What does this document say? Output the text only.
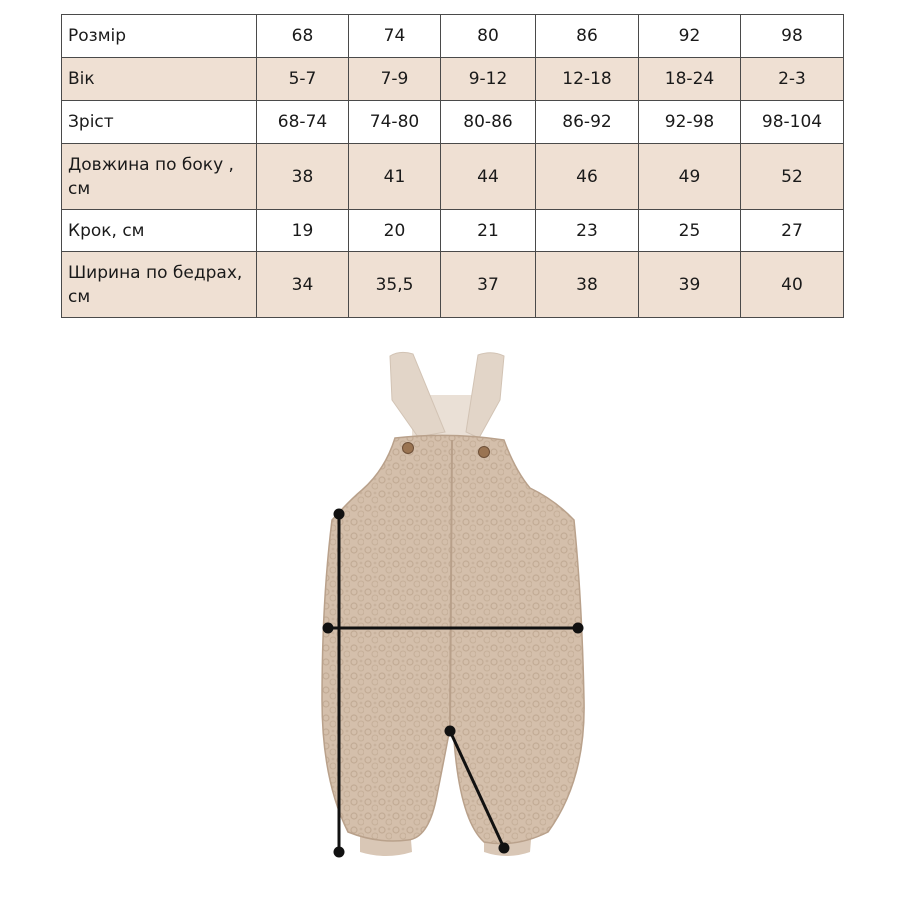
Розмір	68	74	80	86	92	98
Вік	5-7	7-9	9-12	12-18	18-24	2-3
Зріст	68-74	74-80	80-86	86-92	92-98	98-104
Довжина по боку , см	38	41	44	46	49	52
Крок, см	19	20	21	23	25	27
Ширина по бедрах, см	34	35,5	37	38	39	40
